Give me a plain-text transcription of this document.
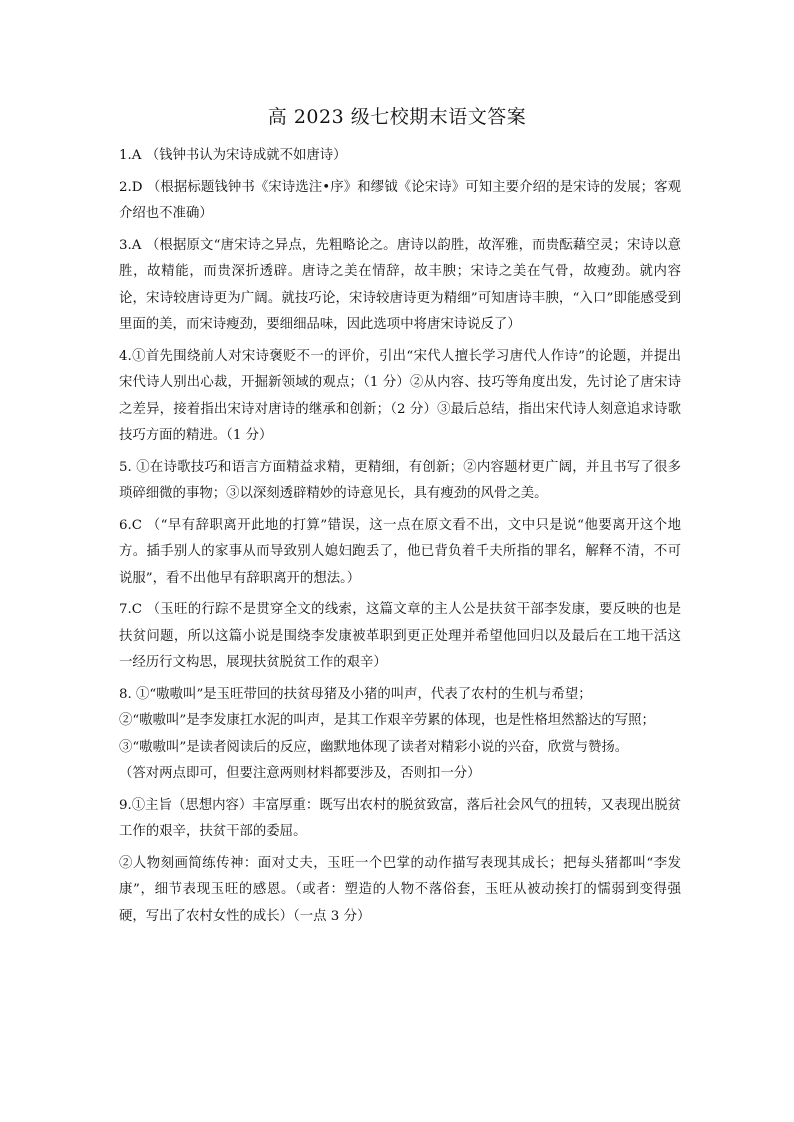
高 2023 级七校期末语文答案
1.A （钱钟书认为宋诗成就不如唐诗）
2.D （根据标题钱钟书《宋诗选注•序》和缪钺《论宋诗》可知主要介绍的是宋诗的发展；客观介绍也不准确）
3.A （根据原文“唐宋诗之异点，先粗略论之。唐诗以韵胜，故浑雅，而贵酝藉空灵；宋诗以意胜，故精能，而贵深折透辟。唐诗之美在情辞，故丰腴；宋诗之美在气骨，故瘦劲。就内容论，宋诗较唐诗更为广阔。就技巧论，宋诗较唐诗更为精细”可知唐诗丰腴，“入口”即能感受到里面的美，而宋诗瘦劲，要细细品味，因此选项中将唐宋诗说反了）
4.①首先围绕前人对宋诗褒贬不一的评价，引出“宋代人擅长学习唐代人作诗”的论题，并提出宋代诗人别出心裁，开掘新领域的观点；（1 分）②从内容、技巧等角度出发，先讨论了唐宋诗之差异，接着指出宋诗对唐诗的继承和创新；（2 分）③最后总结，指出宋代诗人刻意追求诗歌技巧方面的精进。（1 分）
5. ①在诗歌技巧和语言方面精益求精，更精细，有创新；②内容题材更广阔，并且书写了很多琐碎细微的事物；③以深刻透辟精妙的诗意见长，具有瘦劲的风骨之美。
6.C （“早有辞职离开此地的打算”错误，这一点在原文看不出，文中只是说“他要离开这个地方。插手别人的家事从而导致别人媳妇跑丢了，他已背负着千夫所指的罪名，解释不清，不可说服”，看不出他早有辞职离开的想法。）
7.C （玉旺的行踪不是贯穿全文的线索，这篇文章的主人公是扶贫干部李发康，要反映的也是扶贫问题，所以这篇小说是围绕李发康被革职到更正处理并希望他回归以及最后在工地干活这一经历行文构思，展现扶贫脱贫工作的艰辛）
8. ①“嗷嗷叫”是玉旺带回的扶贫母猪及小猪的叫声，代表了农村的生机与希望；
②“嗷嗷叫”是李发康扛水泥的叫声，是其工作艰辛劳累的体现，也是性格坦然豁达的写照；
③“嗷嗷叫”是读者阅读后的反应，幽默地体现了读者对精彩小说的兴奋，欣赏与赞扬。
（答对两点即可，但要注意两则材料都要涉及，否则扣一分）
9.①主旨（思想内容）丰富厚重：既写出农村的脱贫致富，落后社会风气的扭转，又表现出脱贫工作的艰辛，扶贫干部的委屈。
②人物刻画简练传神：面对丈夫，玉旺一个巴掌的动作描写表现其成长；把每头猪都叫“李发康”，细节表现玉旺的感恩。（或者：塑造的人物不落俗套，玉旺从被动挨打的懦弱到变得强硬，写出了农村女性的成长）（一点 3 分）
